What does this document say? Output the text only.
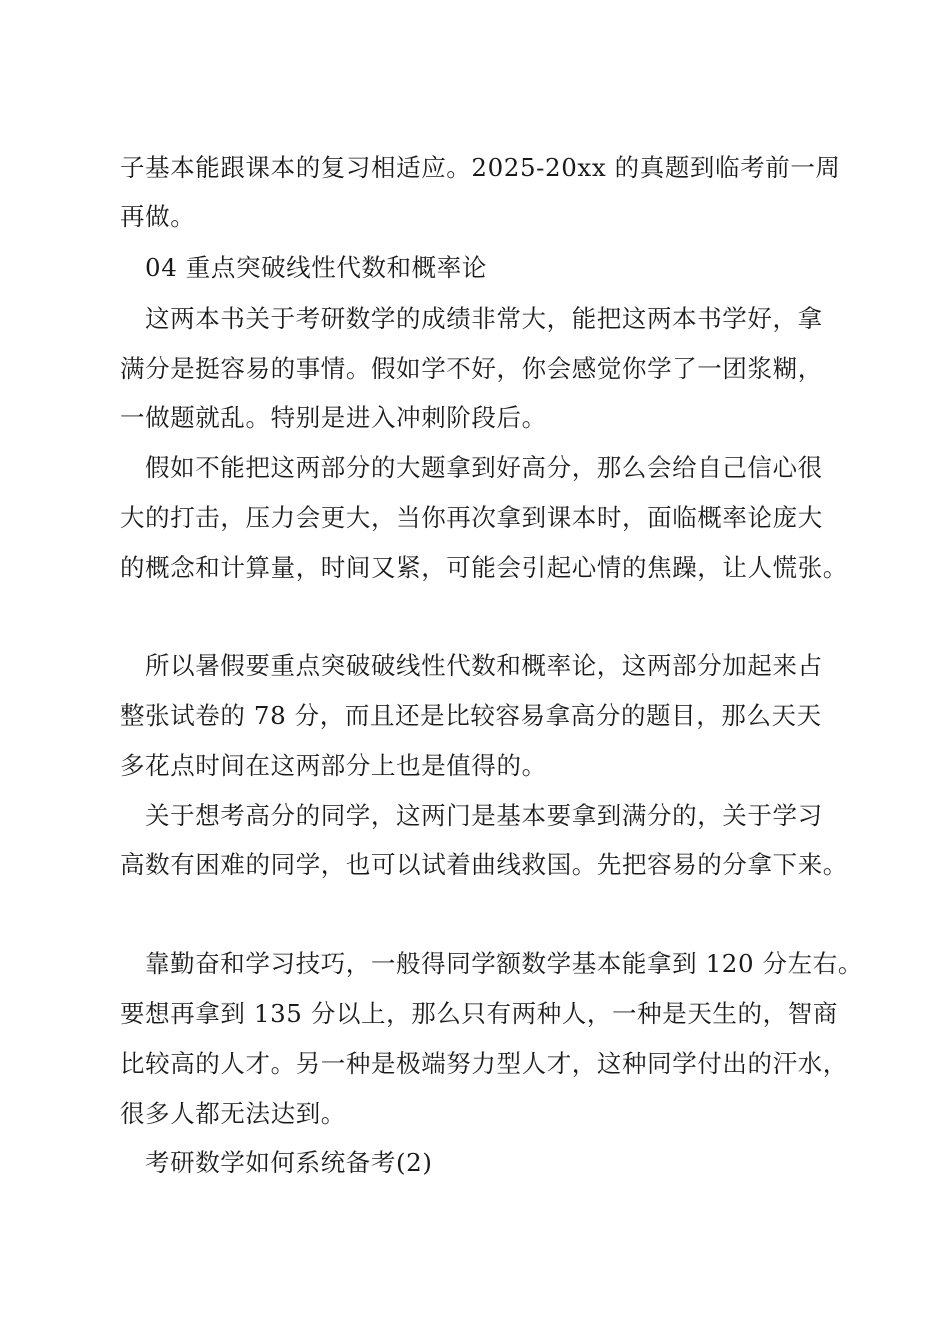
子基本能跟课本的复习相适应。2025-20xx 的真题到临考前一周
再做。
04 重点突破线性代数和概率论
这两本书关于考研数学的成绩非常大，能把这两本书学好，拿
满分是挺容易的事情。假如学不好，你会感觉你学了一团浆糊，
一做题就乱。特别是进入冲刺阶段后。
假如不能把这两部分的大题拿到好高分，那么会给自己信心很
大的打击，压力会更大，当你再次拿到课本时，面临概率论庞大
的概念和计算量，时间又紧，可能会引起心情的焦躁，让人慌张。
所以暑假要重点突破破线性代数和概率论，这两部分加起来占
整张试卷的 78 分，而且还是比较容易拿高分的题目，那么天天
多花点时间在这两部分上也是值得的。
关于想考高分的同学，这两门是基本要拿到满分的，关于学习
高数有困难的同学，也可以试着曲线救国。先把容易的分拿下来。
靠勤奋和学习技巧，一般得同学额数学基本能拿到 120 分左右。
要想再拿到 135 分以上，那么只有两种人，一种是天生的，智商
比较高的人才。另一种是极端努力型人才，这种同学付出的汗水，
很多人都无法达到。
考研数学如何系统备考(2)
